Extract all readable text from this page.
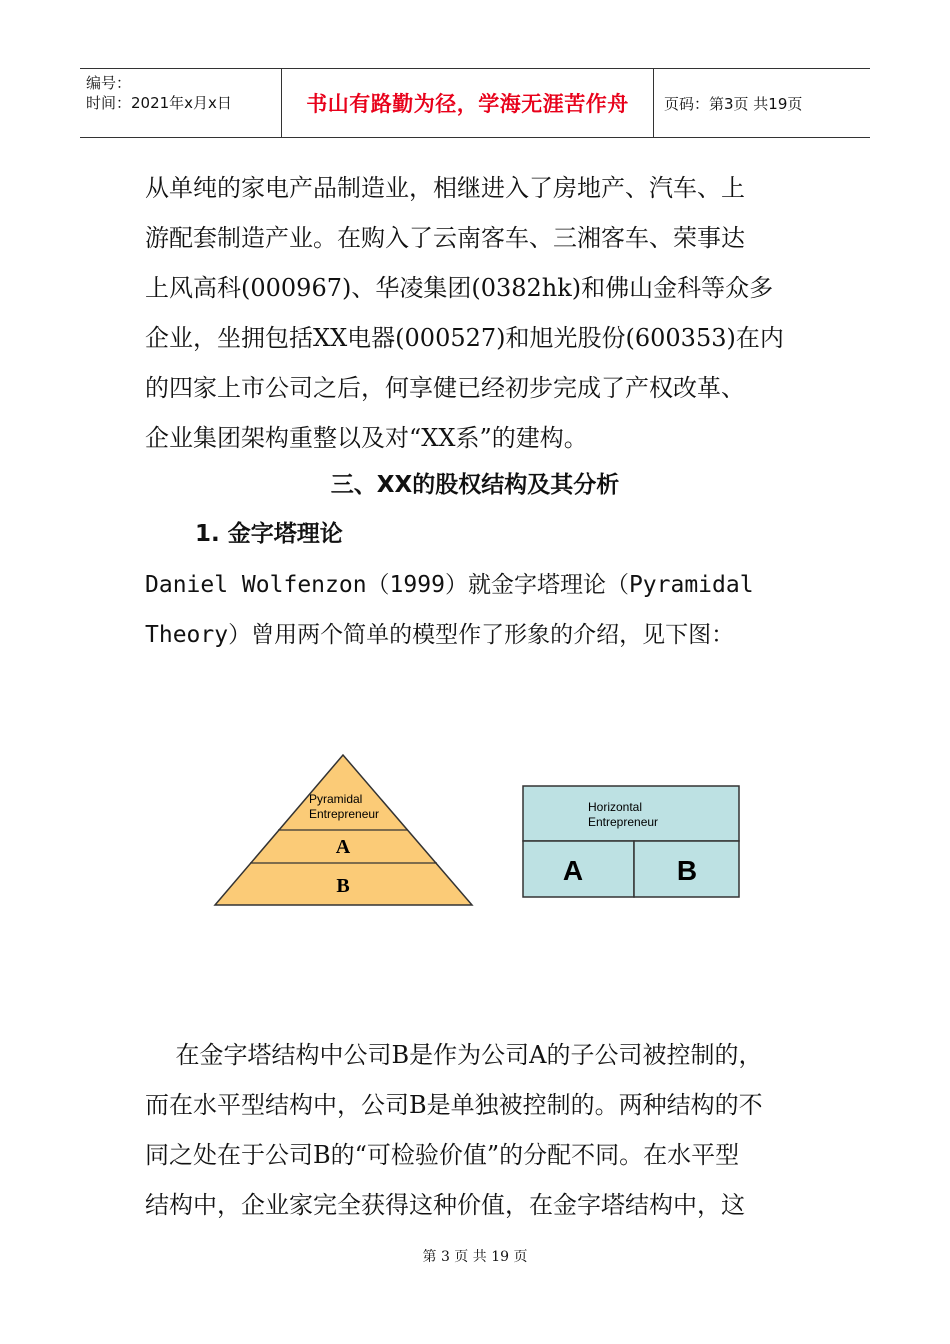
编号：
时间：2021年x月x日	书山有路勤为径，学海无涯苦作舟	页码：第3页 共19页
从单纯的家电产品制造业，相继进入了房地产、汽车、上
游配套制造产业。在购入了云南客车、三湘客车、荣事达
上风高科(000967)、华凌集团(0382hk)和佛山金科等众多
企业，坐拥包括XX电器(000527)和旭光股份(600353)在内
的四家上市公司之后，何享健已经初步完成了产权改革、
企业集团架构重整以及对“XX系”的建构。
三、XX的股权结构及其分析
1. 金字塔理论
Daniel Wolfenzon（1999）就金字塔理论（Pyramidal
Theory）曾用两个简单的模型作了形象的介绍，见下图：
Pyramidal
Entrepreneur
A
B
Horizontal
Entrepreneur
A	B
在金字塔结构中公司B是作为公司A的子公司被控制的，
而在水平型结构中，公司B是单独被控制的。两种结构的不
同之处在于公司B的“可检验价值”的分配不同。在水平型
结构中，企业家完全获得这种价值，在金字塔结构中，这
第 3 页 共 19 页
